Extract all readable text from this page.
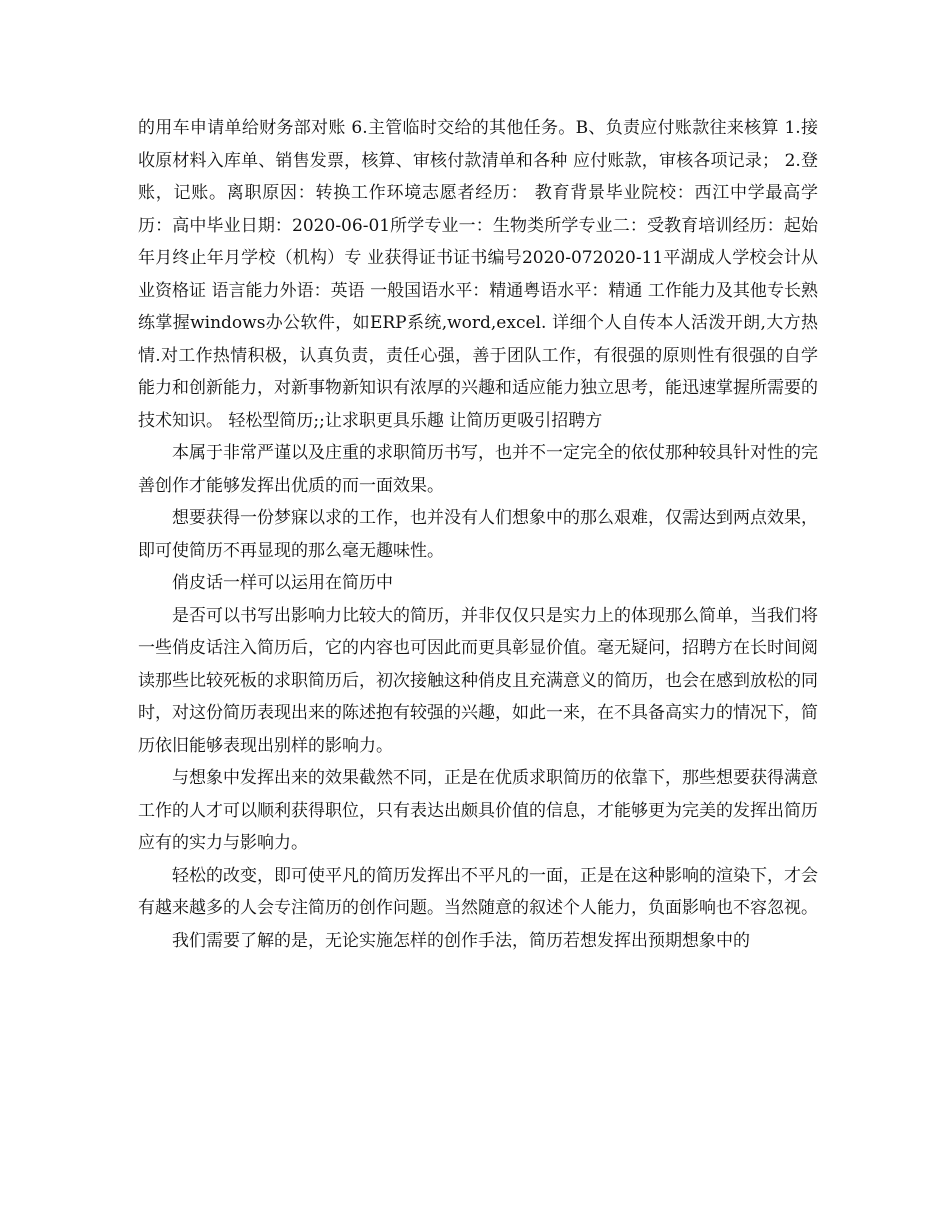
的用车申请单给财务部对账 6.主管临时交给的其他任务。B、负责应付账款往来核算 1.接收原材料入库单、销售发票，核算、审核付款清单和各种 应付账款，审核各项记录； 2.登账，记账。离职原因：转换工作环境志愿者经历： 教育背景毕业院校：西江中学最高学历：高中毕业日期：2020-06-01所学专业一：生物类所学专业二：受教育培训经历：起始年月终止年月学校（机构）专 业获得证书证书编号2020-072020-11平湖成人学校会计从业资格证 语言能力外语：英语 一般国语水平：精通粤语水平：精通 工作能力及其他专长熟练掌握windows办公软件，如ERP系统,word,excel. 详细个人自传本人活泼开朗,大方热情.对工作热情积极，认真负责，责任心强，善于团队工作，有很强的原则性有很强的自学能力和创新能力，对新事物新知识有浓厚的兴趣和适应能力独立思考，能迅速掌握所需要的技术知识。 轻松型简历;;让求职更具乐趣 让简历更吸引招聘方

本属于非常严谨以及庄重的求职简历书写，也并不一定完全的依仗那种较具针对性的完善创作才能够发挥出优质的而一面效果。

想要获得一份梦寐以求的工作，也并没有人们想象中的那么艰难，仅需达到两点效果，即可使简历不再显现的那么毫无趣味性。

俏皮话一样可以运用在简历中

是否可以书写出影响力比较大的简历，并非仅仅只是实力上的体现那么简单，当我们将一些俏皮话注入简历后，它的内容也可因此而更具彰显价值。毫无疑问，招聘方在长时间阅读那些比较死板的求职简历后，初次接触这种俏皮且充满意义的简历，也会在感到放松的同时，对这份简历表现出来的陈述抱有较强的兴趣，如此一来，在不具备高实力的情况下，简历依旧能够表现出别样的影响力。

与想象中发挥出来的效果截然不同，正是在优质求职简历的依靠下，那些想要获得满意工作的人才可以顺利获得职位，只有表达出颇具价值的信息，才能够更为完美的发挥出简历应有的实力与影响力。

轻松的改变，即可使平凡的简历发挥出不平凡的一面，正是在这种影响的渲染下，才会有越来越多的人会专注简历的创作问题。当然随意的叙述个人能力，负面影响也不容忽视。

我们需要了解的是，无论实施怎样的创作手法，简历若想发挥出预期想象中的
